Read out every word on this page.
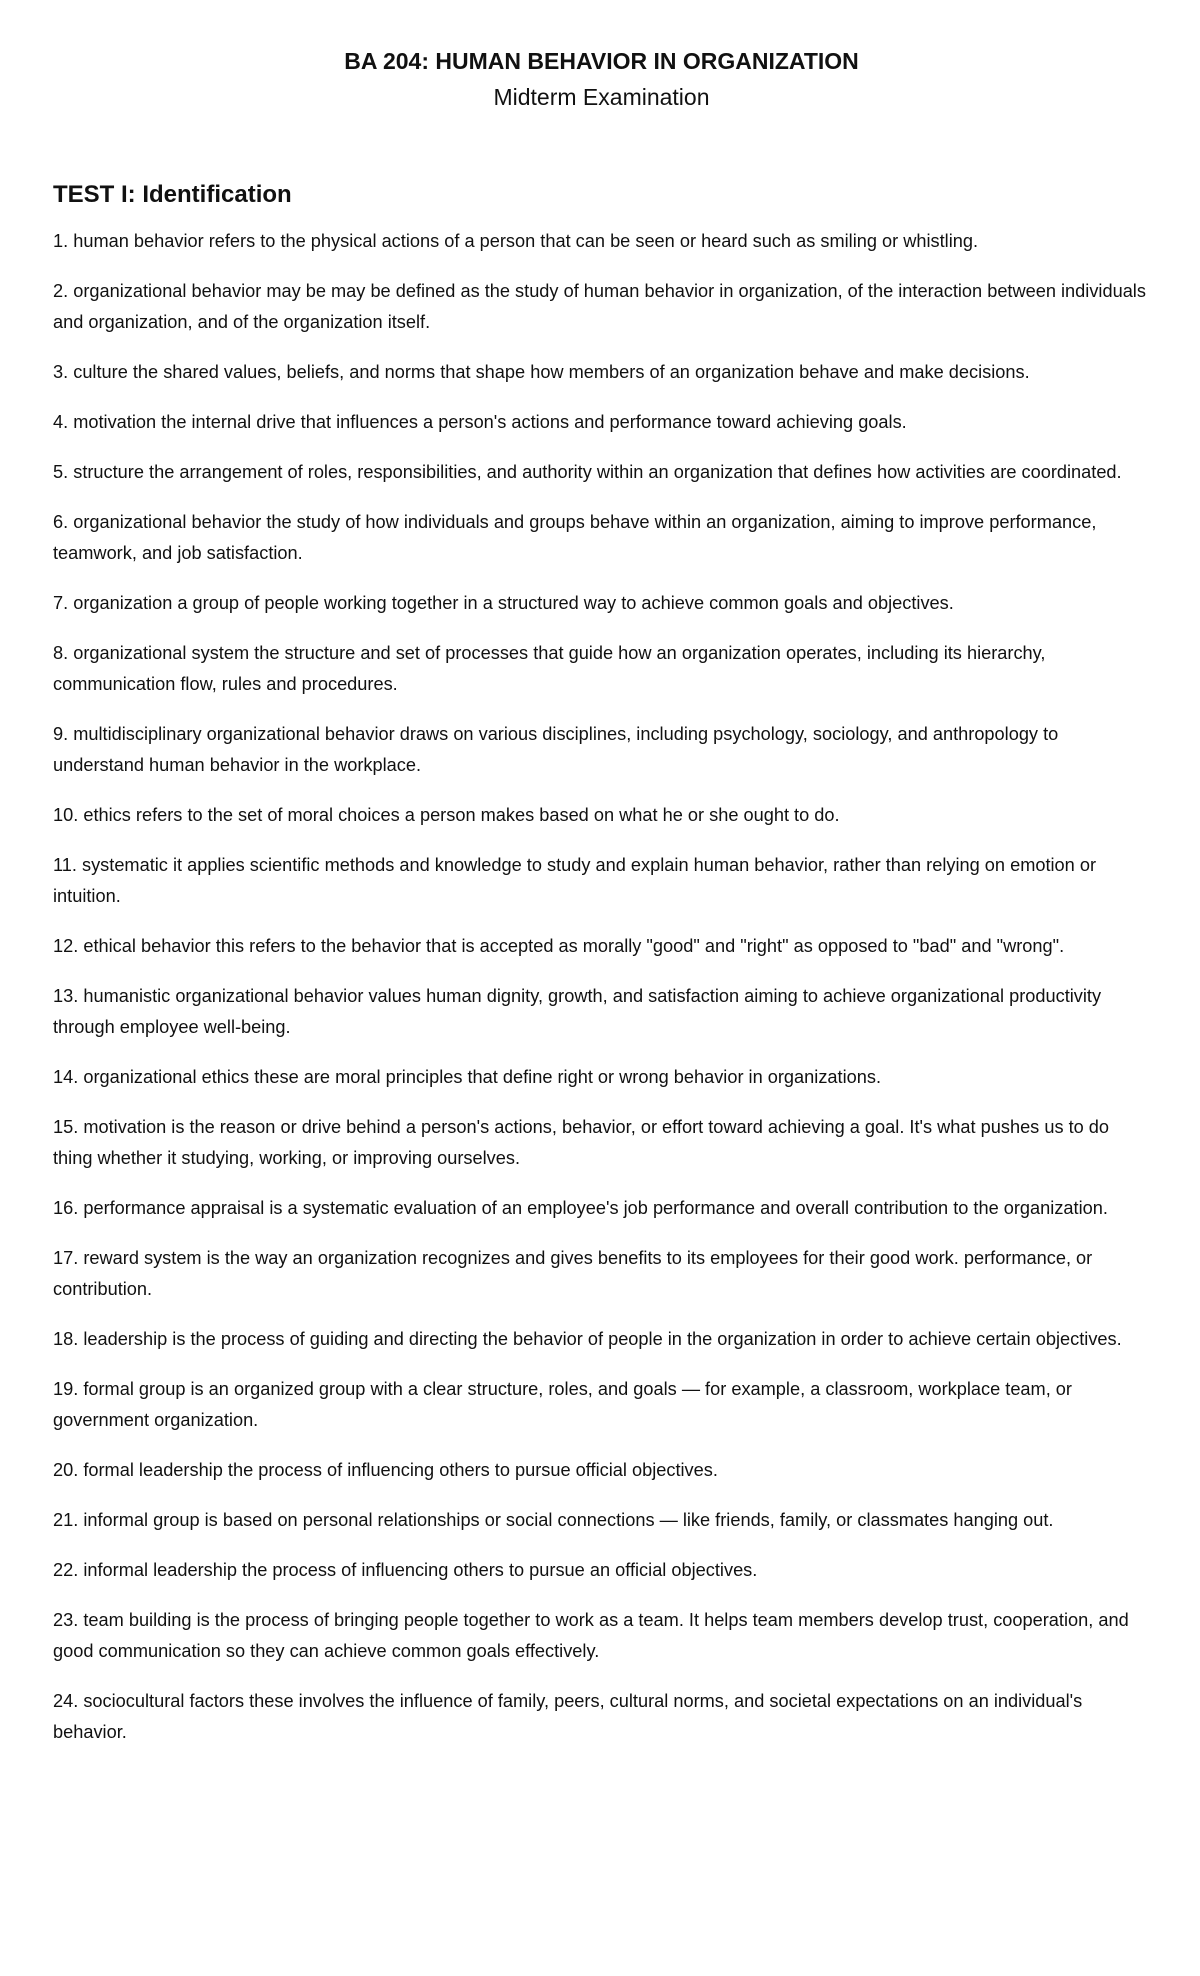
BA 204: HUMAN BEHAVIOR IN ORGANIZATION
Midterm Examination
TEST I: Identification
1. human behavior refers to the physical actions of a person that can be seen or heard such as smiling or whistling.
2. organizational behavior may be may be defined as the study of human behavior in organization, of the interaction between individuals and organization, and of the organization itself.
3. culture the shared values, beliefs, and norms that shape how members of an organization behave and make decisions.
4. motivation the internal drive that influences a person's actions and performance toward achieving goals.
5. structure the arrangement of roles, responsibilities, and authority within an organization that defines how activities are coordinated.
6. organizational behavior the study of how individuals and groups behave within an organization, aiming to improve performance, teamwork, and job satisfaction.
7. organization a group of people working together in a structured way to achieve common goals and objectives.
8. organizational system the structure and set of processes that guide how an organization operates, including its hierarchy, communication flow, rules and procedures.
9. multidisciplinary organizational behavior draws on various disciplines, including psychology, sociology, and anthropology to understand human behavior in the workplace.
10. ethics refers to the set of moral choices a person makes based on what he or she ought to do.
11. systematic it applies scientific methods and knowledge to study and explain human behavior, rather than relying on emotion or intuition.
12. ethical behavior this refers to the behavior that is accepted as morally "good" and "right" as opposed to "bad" and "wrong".
13. humanistic organizational behavior values human dignity, growth, and satisfaction aiming to achieve organizational productivity through employee well-being.
14. organizational ethics these are moral principles that define right or wrong behavior in organizations.
15. motivation is the reason or drive behind a person's actions, behavior, or effort toward achieving a goal. It's what pushes us to do thing whether it studying, working, or improving ourselves.
16. performance appraisal is a systematic evaluation of an employee's job performance and overall contribution to the organization.
17. reward system is the way an organization recognizes and gives benefits to its employees for their good work. performance, or contribution.
18. leadership is the process of guiding and directing the behavior of people in the organization in order to achieve certain objectives.
19. formal group is an organized group with a clear structure, roles, and goals — for example, a classroom, workplace team, or government organization.
20. formal leadership the process of influencing others to pursue official objectives.
21. informal group is based on personal relationships or social connections — like friends, family, or classmates hanging out.
22. informal leadership the process of influencing others to pursue an official objectives.
23. team building is the process of bringing people together to work as a team. It helps team members develop trust, cooperation, and good communication so they can achieve common goals effectively.
24. sociocultural factors these involves the influence of family, peers, cultural norms, and societal expectations on an individual's behavior.
